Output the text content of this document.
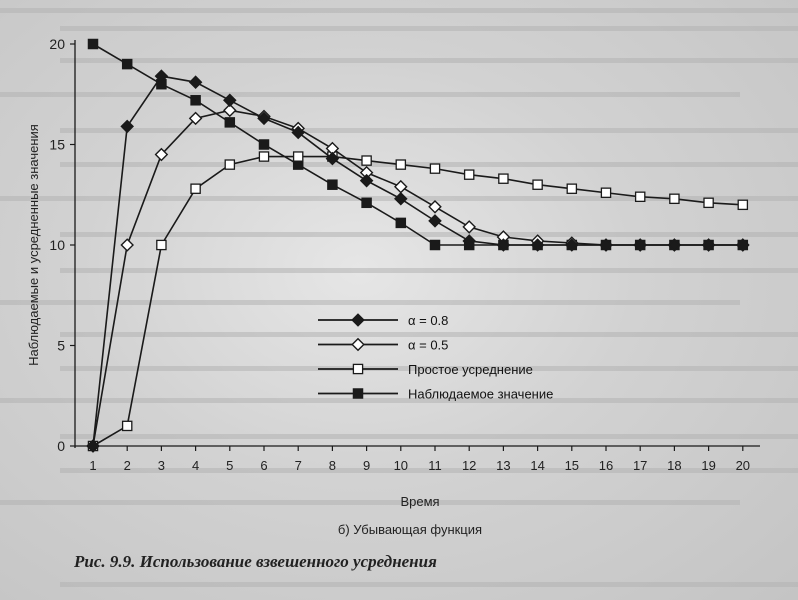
0
5
10
15
20
1 2 3 4 5 6 7 8 9 10 11 12 13 14 15 16 17 18 19 20
α = 0.8
α = 0.5
Простое усреднение
Наблюдаемое значение
Наблюдаемые и усредненные значения
Время
б) Убывающая функция
Рис. 9.9. Использование взвешенного усреднения
